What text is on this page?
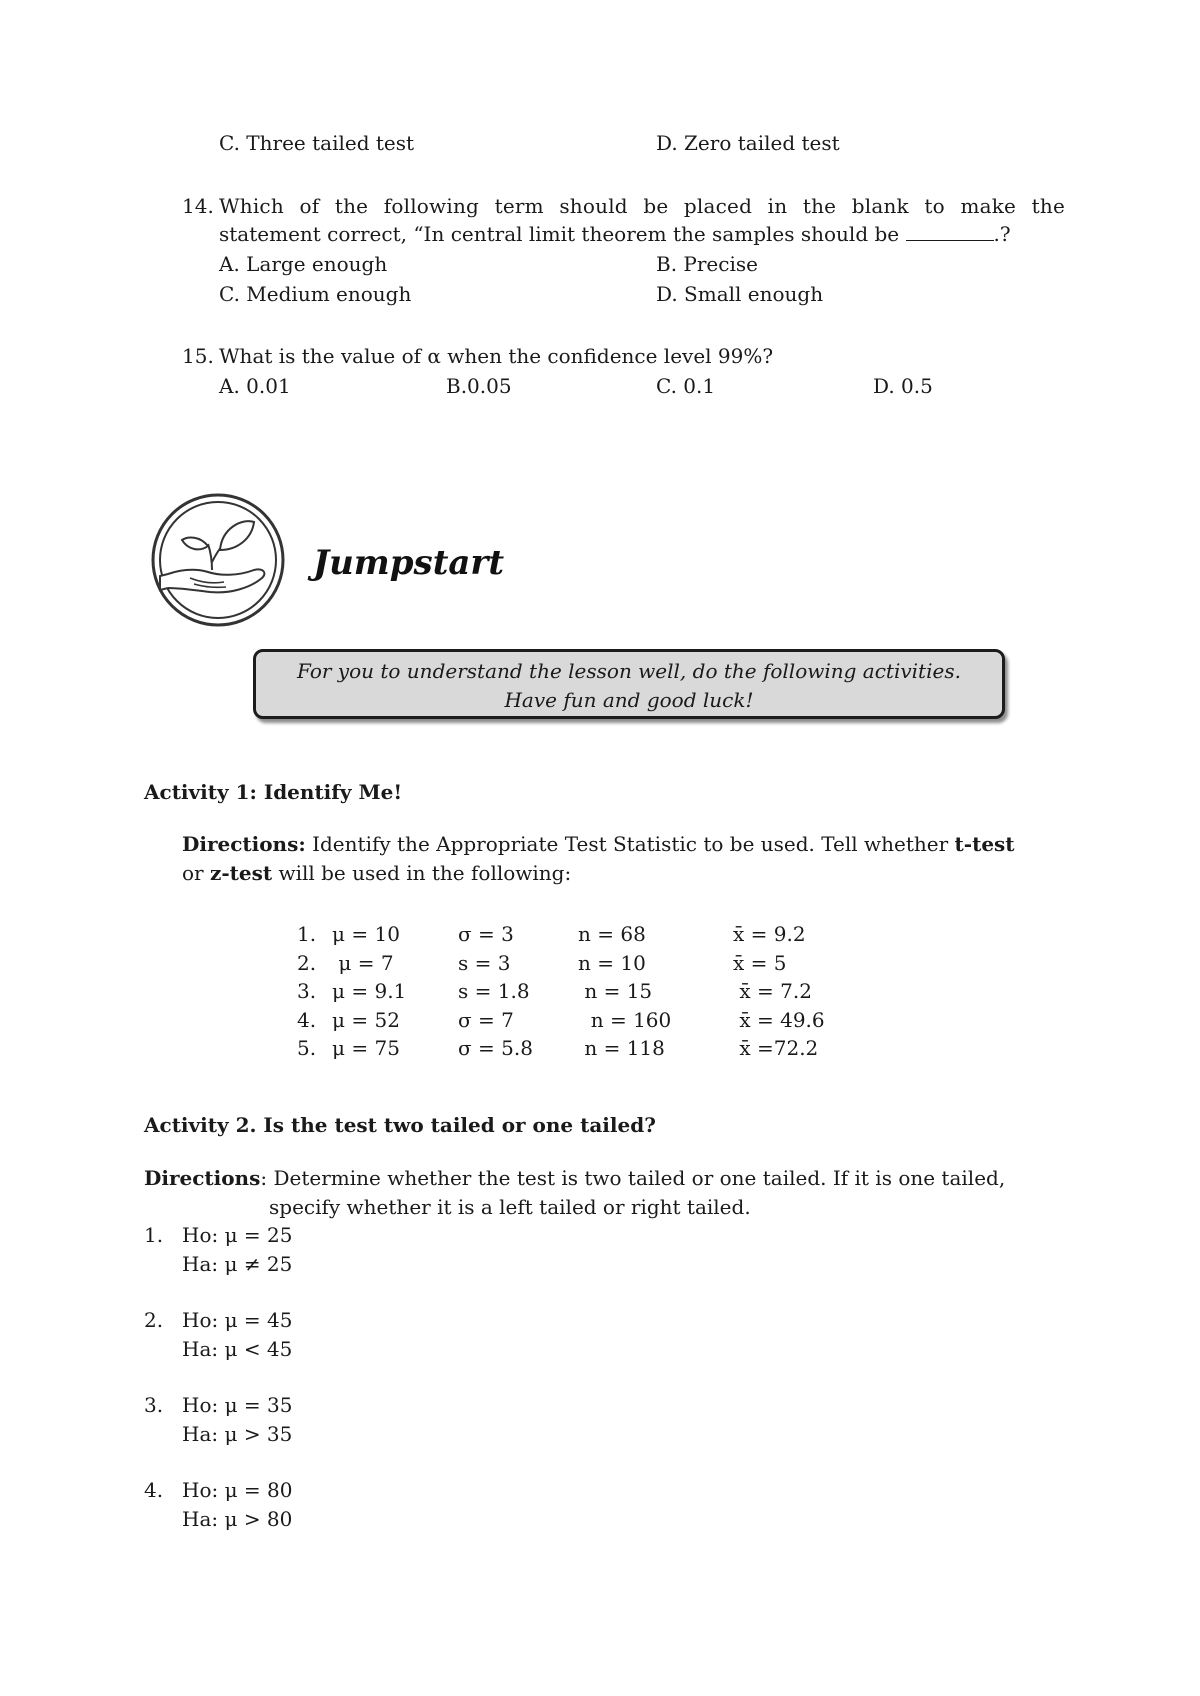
C. Three tailed test	D. Zero tailed test
14. Which of the following term should be placed in the blank to make the
statement correct, “In central limit theorem the samples should be	.?
A. Large enough	B. Precise
C. Medium enough	D. Small enough
15. What is the value of α when the confidence level 99%?
A. 0.01	B.0.05	C. 0.1	D. 0.5
Jumpstart
For you to understand the lesson well, do the following activities.
Have fun and good luck!
Activity 1: Identify Me!
Directions: Identify the Appropriate Test Statistic to be used. Tell whether t-test
or z-test will be used in the following:
1. μ = 10	σ = 3	n = 68	x̄ = 9.2
2. μ = 7	s = 3	n = 10	x̄ = 5
3. μ = 9.1	s = 1.8 n = 15	x̄ = 7.2
4. μ = 52	σ = 7	n = 160	x̄ = 49.6
5. μ = 75	σ = 5.8 n = 118	x̄ =72.2
Activity 2. Is the test two tailed or one tailed?
Directions: Determine whether the test is two tailed or one tailed. If it is one tailed,
specify whether it is a left tailed or right tailed.
1. Ho: μ = 25
Ha: μ ≠ 25
2. Ho: μ = 45
Ha: μ < 45
3. Ho: μ = 35
Ha: μ > 35
4. Ho: μ = 80
Ha: μ > 80
